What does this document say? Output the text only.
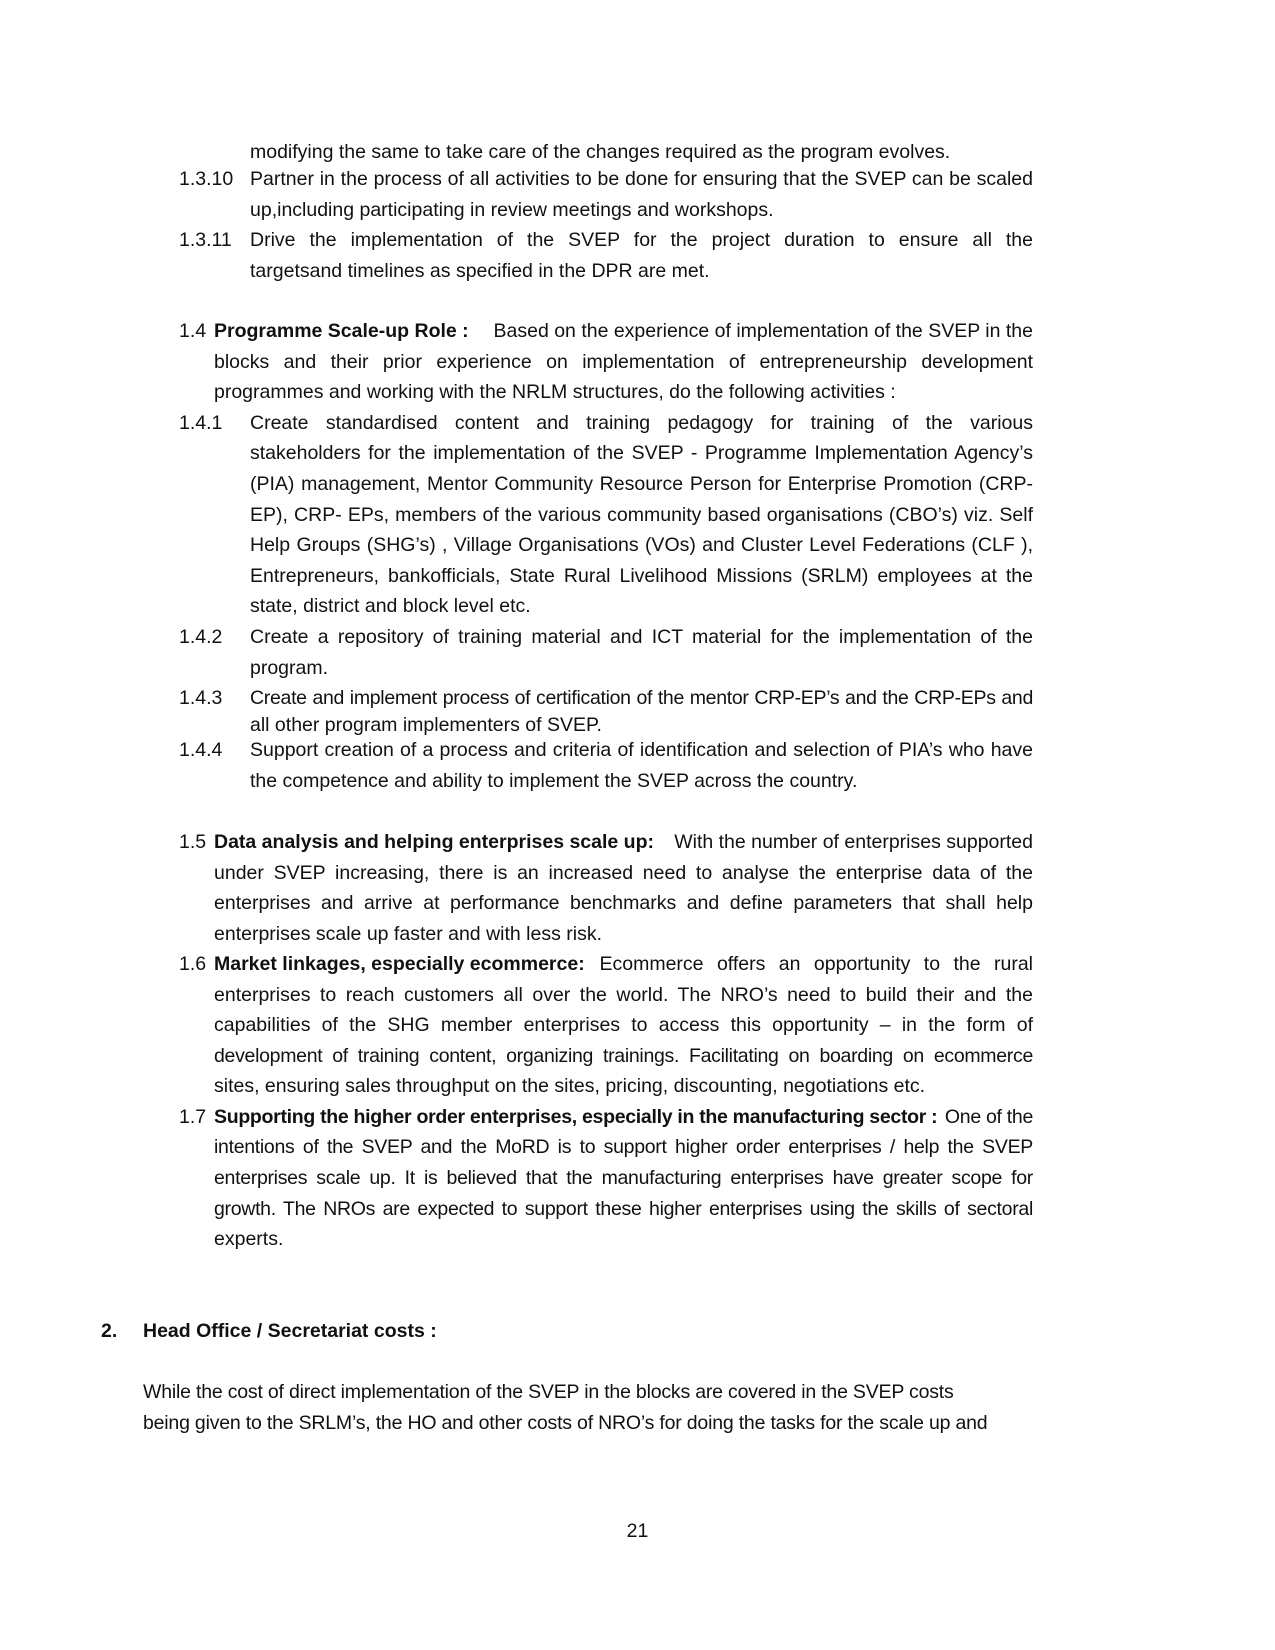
modifying the same to take care of the changes required as the program evolves.
1.3.10 Partner in the process of all activities to be done for ensuring that the SVEP can be scaled
up,including participating in review meetings and workshops.
1.3.11 Drive the implementation of the SVEP for the project duration to ensure all the
targetsand timelines as specified in the DPR are met.
1.4 Programme Scale-up Role : Based on the experience of implementation of the SVEP in the
blocks and their prior experience on implementation of entrepreneurship development
programmes and working with the NRLM structures, do the following activities :
1.4.1 Create standardised content and training pedagogy for training of the various
stakeholders for the implementation of the SVEP - Programme Implementation Agency’s
(PIA) management, Mentor Community Resource Person for Enterprise Promotion (CRP-
EP), CRP- EPs, members of the various community based organisations (CBO’s) viz. Self
Help Groups (SHG’s) , Village Organisations (VOs) and Cluster Level Federations (CLF ),
Entrepreneurs, bankofficials, State Rural Livelihood Missions (SRLM) employees at the
state, district and block level etc.
1.4.2 Create a repository of training material and ICT material for the implementation of the
program.
1.4.3 Create and implement process of certification of the mentor CRP-EP’s and the CRP-EPs and
all other program implementers of SVEP.
1.4.4 Support creation of a process and criteria of identification and selection of PIA’s who have
the competence and ability to implement the SVEP across the country.
1.5 Data analysis and helping enterprises scale up: With the number of enterprises supported
under SVEP increasing, there is an increased need to analyse the enterprise data of the
enterprises and arrive at performance benchmarks and define parameters that shall help
enterprises scale up faster and with less risk.
1.6 Market linkages, especially ecommerce: Ecommerce offers an opportunity to the rural
enterprises to reach customers all over the world. The NRO’s need to build their and the
capabilities of the SHG member enterprises to access this opportunity – in the form of
development of training content, organizing trainings. Facilitating on boarding on ecommerce
sites, ensuring sales throughput on the sites, pricing, discounting, negotiations etc.
1.7 Supporting the higher order enterprises, especially in the manufacturing sector : One of the
intentions of the SVEP and the MoRD is to support higher order enterprises / help the SVEP
enterprises scale up. It is believed that the manufacturing enterprises have greater scope for
growth. The NROs are expected to support these higher enterprises using the skills of sectoral
experts.
2. Head Office / Secretariat costs :
While the cost of direct implementation of the SVEP in the blocks are covered in the SVEP costs
being given to the SRLM’s, the HO and other costs of NRO’s for doing the tasks for the scale up and
21
